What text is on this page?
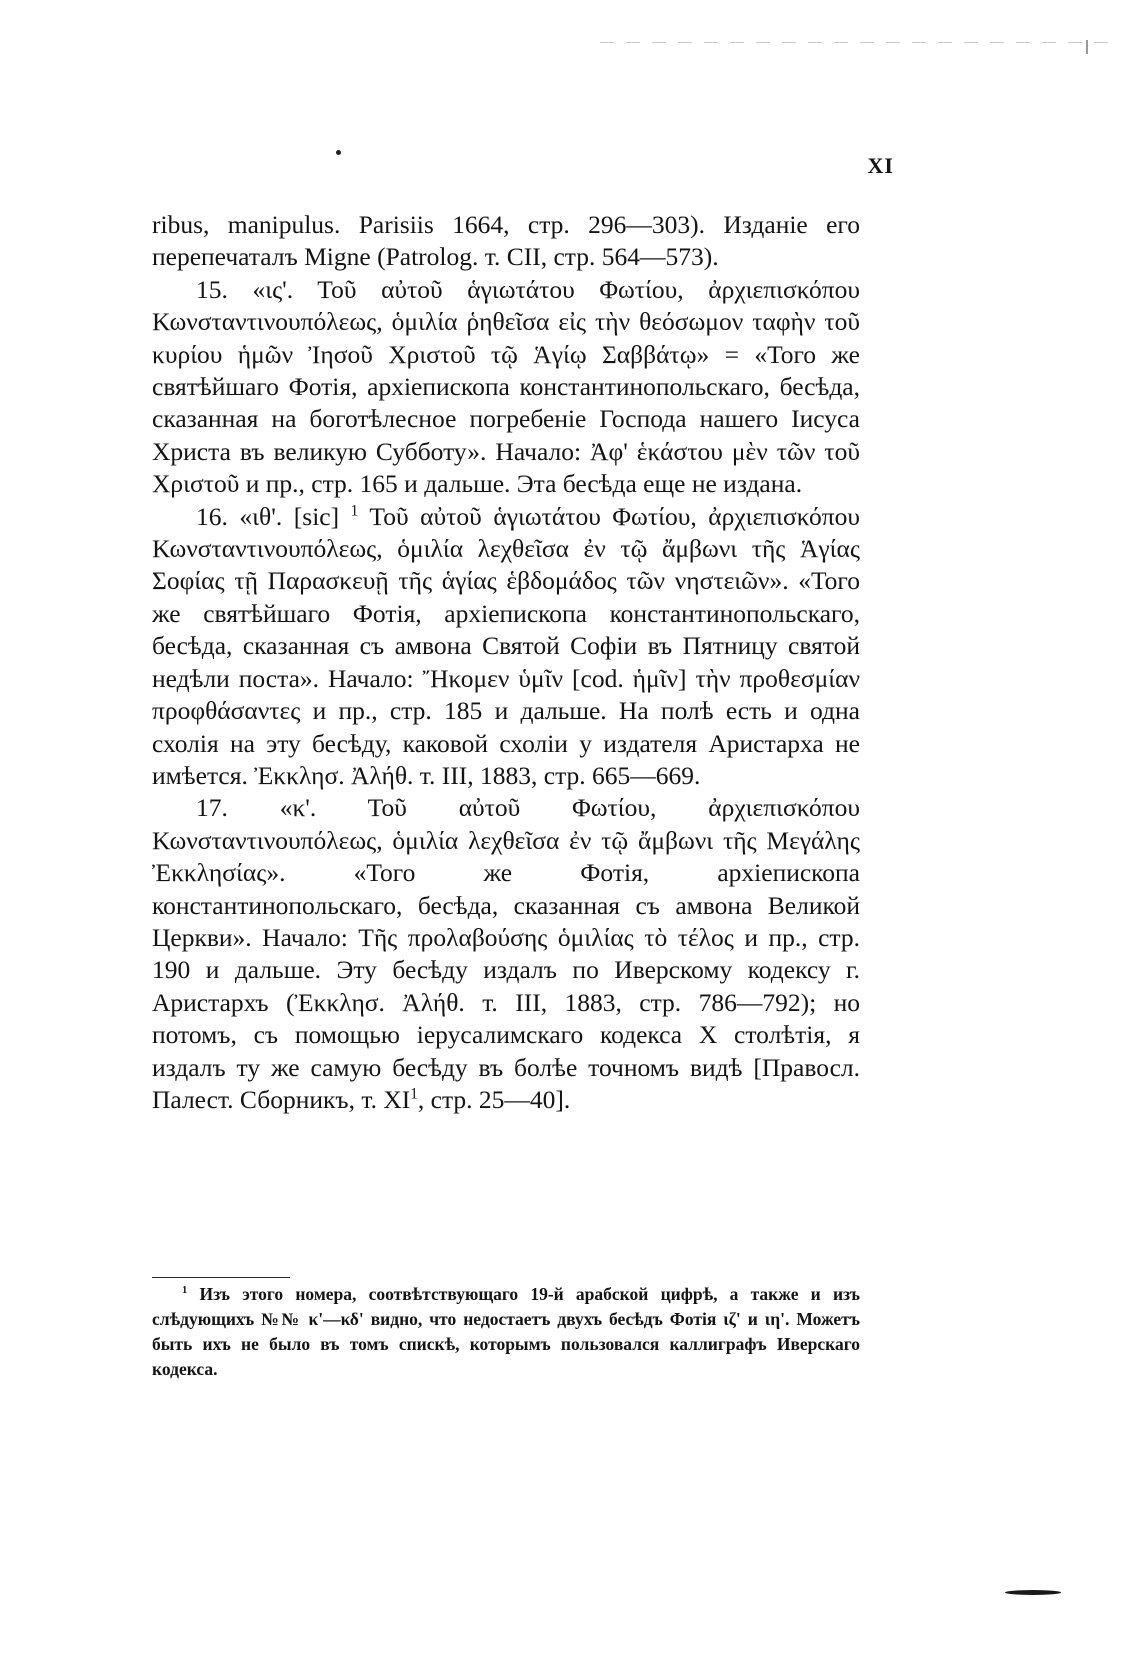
XI

ribus, manipulus. Parisiis 1664, стр. 296—303). Изданiе его перепечаталъ Migne (Patrolog. т. CII, стр. 564—573).

15. «ις'. Τοῦ αὐτοῦ ἁγιωτάτου Φωτίου, ἀρχιεπισκόπου Κωνσταντινουπόλεως, ὁμιλία ῥηθεῖσα εἰς τὴν θεόσωμον ταφὴν τοῦ κυρίου ἡμῶν Ἰησοῦ Χριστοῦ τῷ Ἁγίῳ Σαββάτῳ» = «Того же святѣйшаго Фотiя, архiепископа константинопольскаго, бесѣда, сказанная на боготѣлесное погребенiе Господа нашего Iисуса Христа въ великую Субботу». Начало: Ἀφ' ἑκάστου μὲν τῶν τοῦ Χριστοῦ и пр., стр. 165 и дальше. Эта бесѣда еще не издана.

16. «ιθ'. [sic] $^1$ Τοῦ αὐτοῦ ἁγιωτάτου Φωτίου, ἀρχιεπισκόπου Κωνσταντινουπόλεως, ὁμιλία λεχθεῖσα ἐν τῷ ἄμβωνι τῆς Ἁγίας Σοφίας τῇ Παρασκευῇ τῆς ἁγίας ἑβδομάδος τῶν νηστειῶν». «Того же святѣйшаго Фотiя, архiепископа константинопольскаго, бесѣда, сказанная съ амвона Святой Софiи въ Пятницу святой недѣли поста». Начало: Ἤκομεν ὑμῖν [cod. ἡμῖν] τὴν προθεσμίαν προφθάσαντες и пр., стр. 185 и дальше. На полѣ есть и одна схолiя на эту бесѣду, каковой схолiи у издателя Аристарха не имѣется. Ἐκκλησ. Ἀλήθ. т. III, 1883, стр. 665—669.

17. «κ'. Τοῦ αὐτοῦ Φωτίου, ἀρχιεπισκόπου Κωνσταντινουπόλεως, ὁμιλία λεχθεῖσα ἐν τῷ ἄμβωνι τῆς Μεγάλης Ἐκκλησίας». «Того же Фотiя, архiепископа константинопольскаго, бесѣда, сказанная съ амвона Великой Церкви». Начало: Τῆς προλαβούσης ὁμιλίας τὸ τέλος и пр., стр. 190 и дальше. Эту бесѣду издалъ по Иверскому кодексу г. Аристархъ (Ἐκκλησ. Ἀλήθ. т. III, 1883, стр. 786—792); но потомъ, съ помощью iерусалимскаго кодекса X столѣтiя, я издалъ ту же самую бесѣду въ болѣе точномъ видѣ [Правосл. Палест. Сборникъ, т. $XI^1$, стр. 25—40].

$^1$ Изъ этого номера, соотвѣтствующаго 19-й арабской цифрѣ, а также и изъ слѣдующихъ №№ κ'—κδ' видно, что недостаетъ двухъ бесѣдъ Фотiя ιζ' и ιη'. Можетъ быть ихъ не было въ томъ спискѣ, которымъ пользовался каллиграфъ Иверскаго кодекса.
